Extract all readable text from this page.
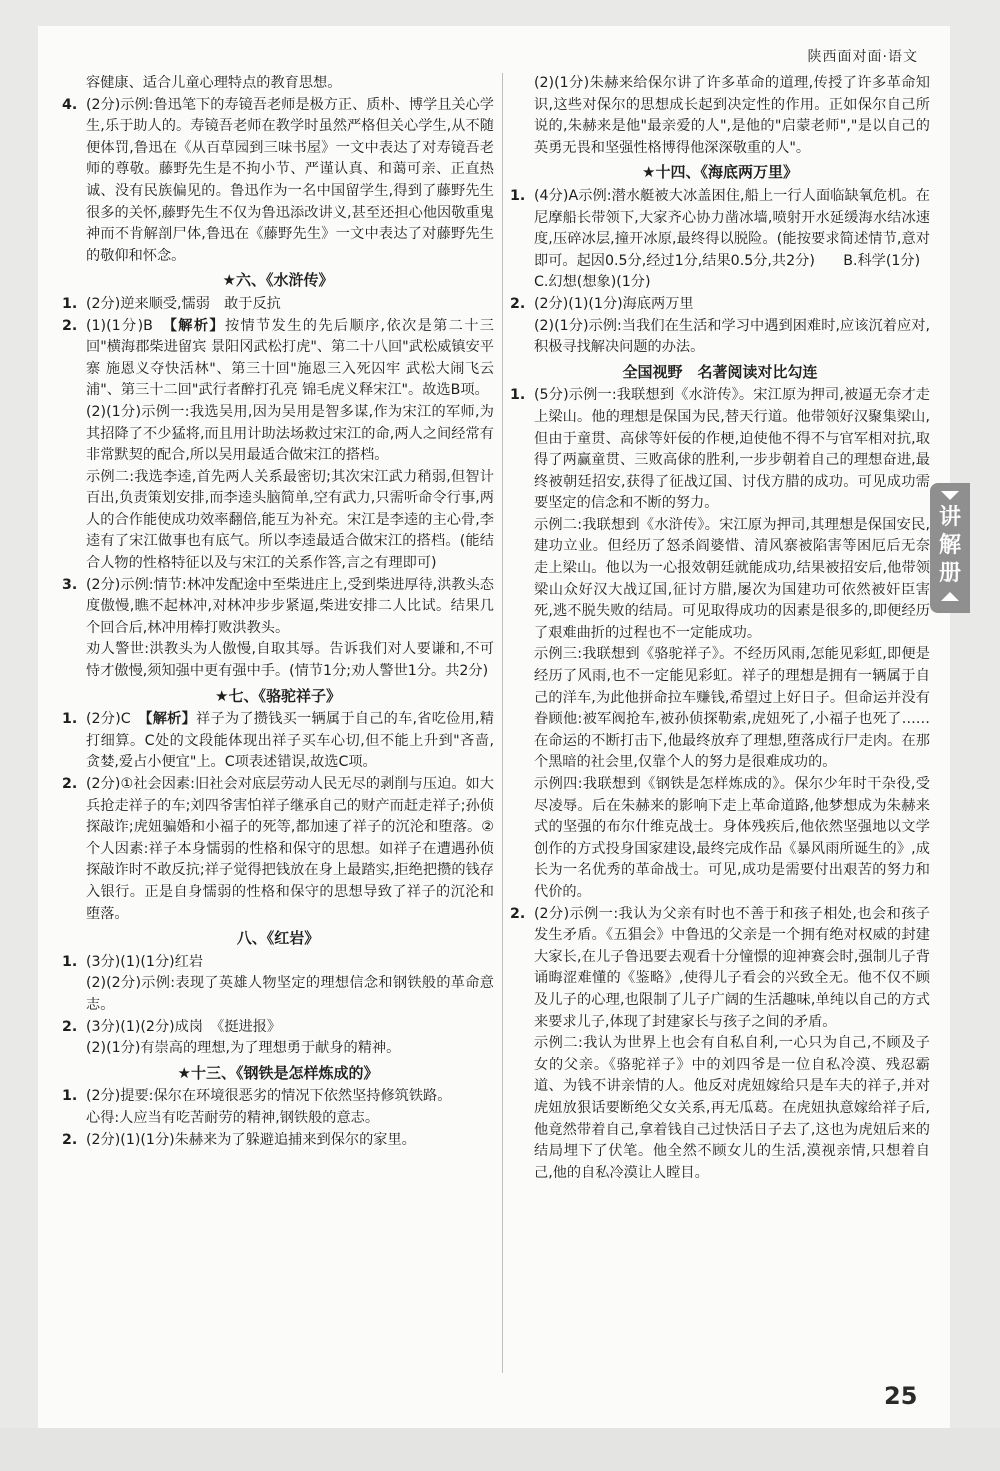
陕西面对面·语文

容健康、适合儿童心理特点的教育思想。

4. (2分)示例:鲁迅笔下的寿镜吾老师是极方正、质朴、博学且关心学生,乐于助人的。寿镜吾老师在教学时虽然严格但关心学生,从不随便体罚,鲁迅在《从百草园到三味书屋》一文中表达了对寿镜吾老师的尊敬。藤野先生是不拘小节、严谨认真、和蔼可亲、正直热诚、没有民族偏见的。鲁迅作为一名中国留学生,得到了藤野先生很多的关怀,藤野先生不仅为鲁迅添改讲义,甚至还担心他因敬重鬼神而不肯解剖尸体,鲁迅在《藤野先生》一文中表达了对藤野先生的敬仰和怀念。
★六、《水浒传》
1. (2分)逆来顺受,懦弱　敢于反抗
2. (1)(1分)B　【解析】按情节发生的先后顺序,依次是第二十三回"横海郡柴进留宾 景阳冈武松打虎"、第二十八回"武松威镇安平寨 施恩义夺快活林"、第三十回"施恩三入死囚牢 武松大闹飞云浦"、第三十二回"武行者醉打孔亮 锦毛虎义释宋江"。故选B项。

(2)(1分)示例一:我选吴用,因为吴用是智多谋,作为宋江的军师,为其招降了不少猛将,而且用计助法场救过宋江的命,两人之间经常有非常默契的配合,所以吴用最适合做宋江的搭档。

示例二:我选李逵,首先两人关系最密切;其次宋江武力稍弱,但智计百出,负责策划安排,而李逵头脑简单,空有武力,只需听命令行事,两人的合作能使成功效率翻倍,能互为补充。宋江是李逵的主心骨,李逵有了宋江做事也有底气。所以李逵最适合做宋江的搭档。(能结合人物的性格特征以及与宋江的关系作答,言之有理即可)

3. (2分)示例:情节:林冲发配途中至柴进庄上,受到柴进厚待,洪教头态度傲慢,瞧不起林冲,对林冲步步紧逼,柴进安排二人比试。结果几个回合后,林冲用棒打败洪教头。

劝人警世:洪教头为人傲慢,自取其辱。告诉我们对人要谦和,不可恃才傲慢,须知强中更有强中手。(情节1分;劝人警世1分。共2分)

★七、《骆驼祥子》
1. (2分)C　【解析】祥子为了攒钱买一辆属于自己的车,省吃俭用,精打细算。C处的文段能体现出祥子买车心切,但不能上升到"吝啬,贪婪,爱占小便宜"上。C项表述错误,故选C项。
2. (2分)①社会因素:旧社会对底层劳动人民无尽的剥削与压迫。如大兵抢走祥子的车;刘四爷害怕祥子继承自己的财产而赶走祥子;孙侦探敲诈;虎妞骗婚和小福子的死等,都加速了祥子的沉沦和堕落。②个人因素:祥子本身懦弱的性格和保守的思想。如祥子在遭遇孙侦探敲诈时不敢反抗;祥子觉得把钱放在身上最踏实,拒绝把攒的钱存入银行。正是自身懦弱的性格和保守的思想导致了祥子的沉沦和堕落。
八、《红岩》
1. (3分)(1)(1分)红岩

(2)(2分)示例:表现了英雄人物坚定的理想信念和钢铁般的革命意志。

2. (3分)(1)(2分)成岗　《挺进报》

(2)(1分)有崇高的理想,为了理想勇于献身的精神。

★十三、《钢铁是怎样炼成的》
1. (2分)提要:保尔在环境很恶劣的情况下依然坚持修筑铁路。

心得:人应当有吃苦耐劳的精神,钢铁般的意志。

2. (2分)(1)(1分)朱赫来为了躲避追捕来到保尔的家里。

(2)(1分)朱赫来给保尔讲了许多革命的道理,传授了许多革命知识,这些对保尔的思想成长起到决定性的作用。正如保尔自己所说的,朱赫来是他"最亲爱的人",是他的"启蒙老师","是以自己的英勇无畏和坚强性格博得他深深敬重的人"。

★十四、《海底两万里》
1. (4分)A示例:潜水艇被大冰盖困住,船上一行人面临缺氧危机。在尼摩船长带领下,大家齐心协力凿冰墙,喷射开水延缓海水结冰速度,压碎冰层,撞开冰原,最终得以脱险。(能按要求简述情节,意对即可。起因0.5分,经过1分,结果0.5分,共2分)　　B.科学(1分)

C.幻想(想象)(1分)

2. (2分)(1)(1分)海底两万里

(2)(1分)示例:当我们在生活和学习中遇到困难时,应该沉着应对,积极寻找解决问题的办法。

全国视野　名著阅读对比勾连
1. (5分)示例一:我联想到《水浒传》。宋江原为押司,被逼无奈才走上梁山。他的理想是保国为民,替天行道。他带领好汉聚集梁山,但由于童贯、高俅等奸佞的作梗,迫使他不得不与官军相对抗,取得了两赢童贯、三败高俅的胜利,一步步朝着自己的理想奋进,最终被朝廷招安,获得了征战辽国、讨伐方腊的成功。可见成功需要坚定的信念和不断的努力。

示例二:我联想到《水浒传》。宋江原为押司,其理想是保国安民,建功立业。但经历了怒杀阎婆惜、清风寨被陷害等困厄后无奈走上梁山。他以为一心报效朝廷就能成功,结果被招安后,他带领梁山众好汉大战辽国,征讨方腊,屡次为国建功可依然被奸臣害死,逃不脱失败的结局。可见取得成功的因素是很多的,即便经历了艰难曲折的过程也不一定能成功。

示例三:我联想到《骆驼祥子》。不经历风雨,怎能见彩虹,即便是经历了风雨,也不一定能见彩虹。祥子的理想是拥有一辆属于自己的洋车,为此他拼命拉车赚钱,希望过上好日子。但命运并没有眷顾他:被军阀抢车,被孙侦探勒索,虎妞死了,小福子也死了……在命运的不断打击下,他最终放弃了理想,堕落成行尸走肉。在那个黑暗的社会里,仅靠个人的努力是很难成功的。

示例四:我联想到《钢铁是怎样炼成的》。保尔少年时干杂役,受尽凌辱。后在朱赫来的影响下走上革命道路,他梦想成为朱赫来式的坚强的布尔什维克战士。身体残疾后,他依然坚强地以文学创作的方式投身国家建设,最终完成作品《暴风雨所诞生的》,成长为一名优秀的革命战士。可见,成功是需要付出艰苦的努力和代价的。

2. (2分)示例一:我认为父亲有时也不善于和孩子相处,也会和孩子发生矛盾。《五猖会》中鲁迅的父亲是一个拥有绝对权威的封建大家长,在儿子鲁迅要去观看十分憧憬的迎神赛会时,强制儿子背诵晦涩难懂的《鉴略》,使得儿子看会的兴致全无。他不仅不顾及儿子的心理,也限制了儿子广阔的生活趣味,单纯以自己的方式来要求儿子,体现了封建家长与孩子之间的矛盾。

示例二:我认为世界上也会有自私自利,一心只为自己,不顾及子女的父亲。《骆驼祥子》中的刘四爷是一位自私冷漠、残忍霸道、为钱不讲亲情的人。他反对虎妞嫁给只是车夫的祥子,并对虎妞放狠话要断绝父女关系,再无瓜葛。在虎妞执意嫁给祥子后,他竟然带着自己,拿着钱自己过快活日子去了,这也为虎妞后来的结局埋下了伏笔。他全然不顾女儿的生活,漠视亲情,只想着自己,他的自私冷漠让人瞠目。

讲
解
册
25
